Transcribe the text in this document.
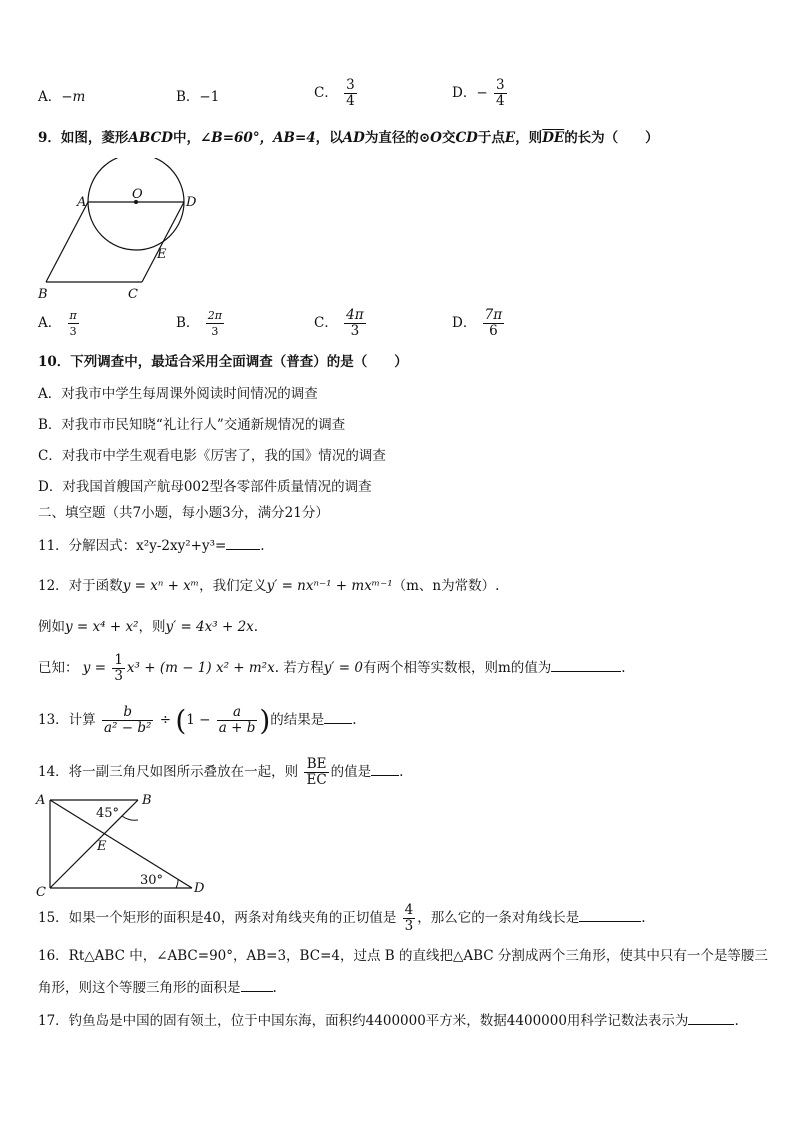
A．−m	B．−1	C． $\frac{3}{4}$	D．− $\frac{3}{4}$
9．如图，菱形ABCD中，∠B=60°，AB=4，以AD为直径的⊙O交CD于点E，则$\overline{DE}$的长为（　　）
A
O
D
E
B	C
A． $\frac{\pi}{3}$	B． $\frac{2\pi}{3}$	C． $\frac{4\pi}{3}$	D． $\frac{7\pi}{6}$
10．下列调查中，最适合采用全面调查（普查）的是（　　）
A．对我市中学生每周课外阅读时间情况的调查
B．对我市市民知晓“礼让行人”交通新规情况的调查
C．对我市中学生观看电影《厉害了，我的国》情况的调查
D．对我国首艘国产航母002型各零部件质量情况的调查
二、填空题（共7小题，每小题3分，满分21分）
11．分解因式：x²y-2xy²+y³=	.
12．对于函数y = xⁿ + xᵐ，我们定义y′ = nxⁿ⁻¹ + mxᵐ⁻¹（m、n为常数）.
例如y = x⁴ + x²，则y′ = 4x³ + 2x.
已知： $y = \frac{1}{3} x^3 + (m - 1) x^2 + m^2x$. 若方程y′ = 0有两个相等实数根，则m的值为	.
13．计算 $\frac{b}{\text{a² − b²}} \div (1 - \frac{a}{a + b}$ )的结果是 .
14．将一副三角尺如图所示叠放在一起，则 $\frac{BE}{EC}$ 的值是 .
A	B
E
C	D
45°
30°
15．如果一个矩形的面积是40，两条对角线夹角的正切值是 $\frac{4}{3}$ ，那么它的一条对角线长是	.
16．Rt△ABC 中，∠ABC=90°，AB=3，BC=4，过点 B 的直线把△ABC 分割成两个三角形，使其中只有一个是等腰三
角形，则这个等腰三角形的面积是 .
17．钓鱼岛是中国的固有领土，位于中国东海，面积约4400000平方米，数据4400000用科学记数法表示为	.
